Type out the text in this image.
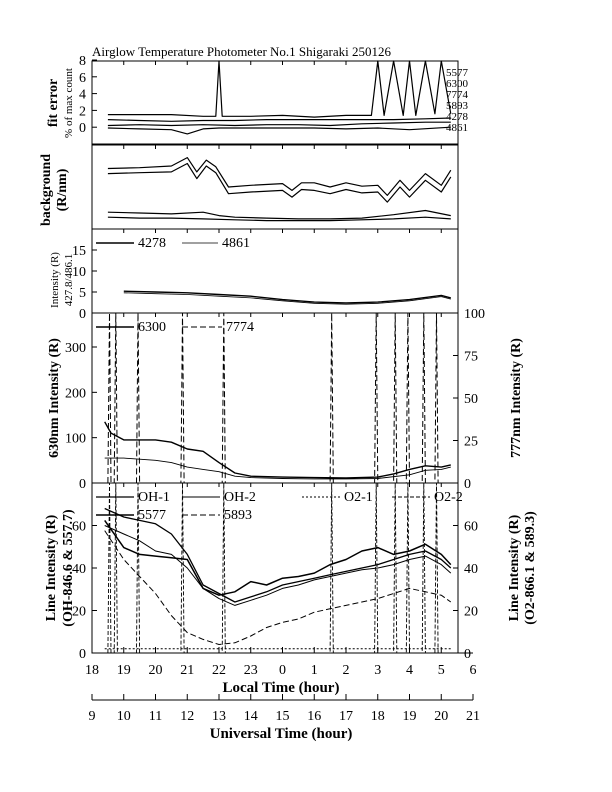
Airglow Temperature Photometer No.1 Shigaraki 250126
fit error % of max count
background (R/nm)
Intensity (R) 427.8/486.1
630nm Intensity (R)	777nm Intensity (R)
Line Intensity (R) (OH-846.6 & 557.7)	Line Intensity (R) (O2-866.1 & 589.3)
Local Time (hour)
Universal Time (hour)
0
2
4
6
8
5577
6300
7774
5893
4278
4861
0
5
10
15
4278	4861
0
100
200
300
0
25
50
75
100
6300	7774
0
20
40
60
0
20
40
60
OH-1	OH-2	O2-1	O2-2
5577	5893
18 19 20 21 22 23 0 1 2 3 4 5 6
9 10 11 12 13 14 15 16 17 18 19 20 21
